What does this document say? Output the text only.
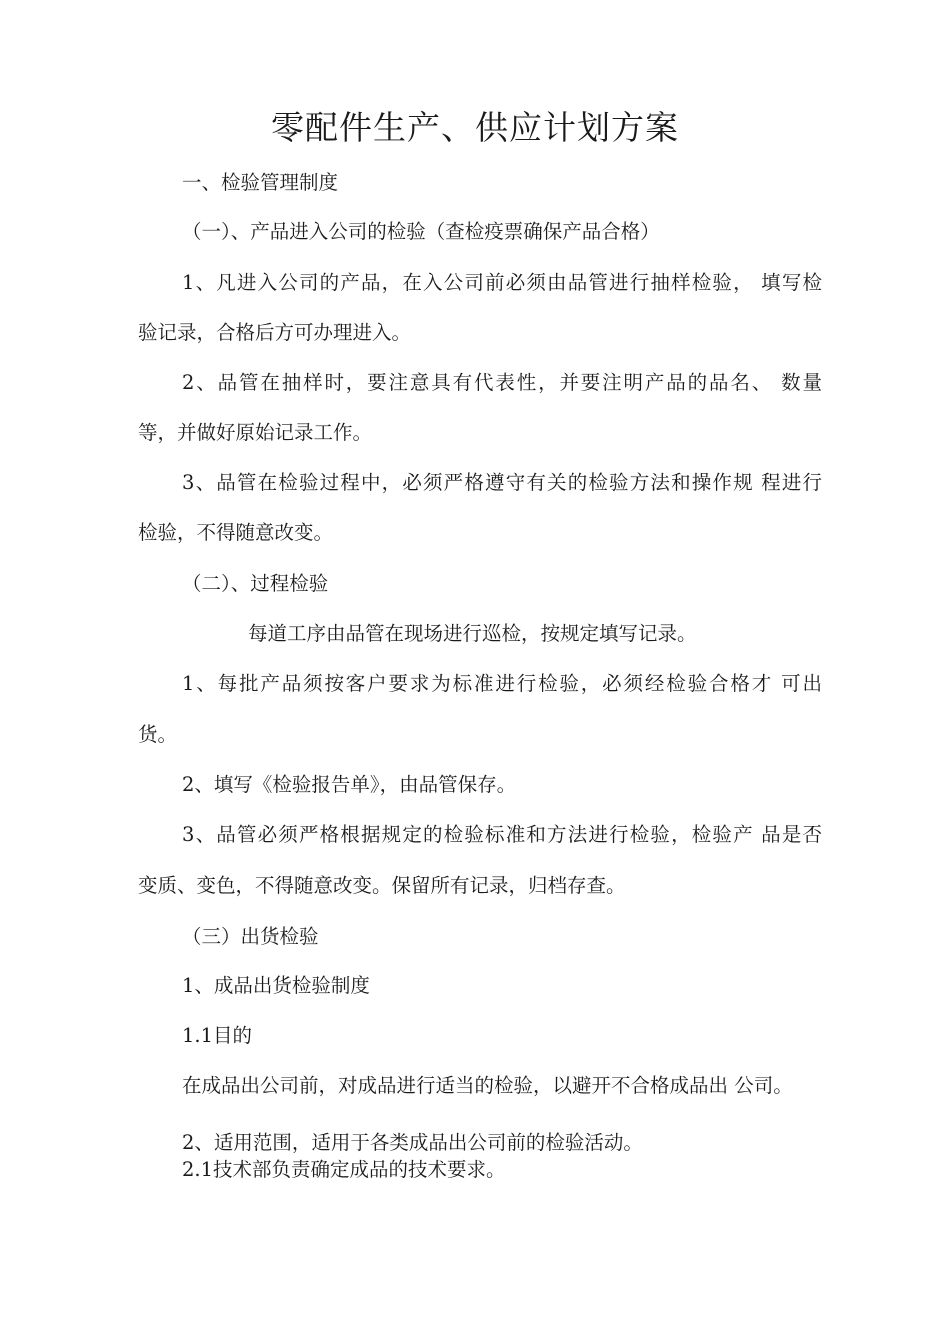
零配件生产、供应计划方案
一、检验管理制度
（一）、产品进入公司的检验（查检疫票确保产品合格）
1、凡进入公司的产品，在入公司前必须由品管进行抽样检验， 填写检
验记录，合格后方可办理进入。
2、品管在抽样时，要注意具有代表性，并要注明产品的品名、 数量
等，并做好原始记录工作。
3、品管在检验过程中，必须严格遵守有关的检验方法和操作规 程进行
检验，不得随意改变。
（二）、过程检验
每道工序由品管在现场进行巡检，按规定填写记录。
1、每批产品须按客户要求为标准进行检验，必须经检验合格才 可出
货。
2、填写《检验报告单》，由品管保存。
3、品管必须严格根据规定的检验标准和方法进行检验，检验产 品是否
变质、变色，不得随意改变。保留所有记录，归档存查。
（三）出货检验
1、成品出货检验制度
1.1目的
在成品出公司前，对成品进行适当的检验，以避开不合格成品出 公司。
2、适用范围，适用于各类成品出公司前的检验活动。
2.1技术部负责确定成品的技术要求。
